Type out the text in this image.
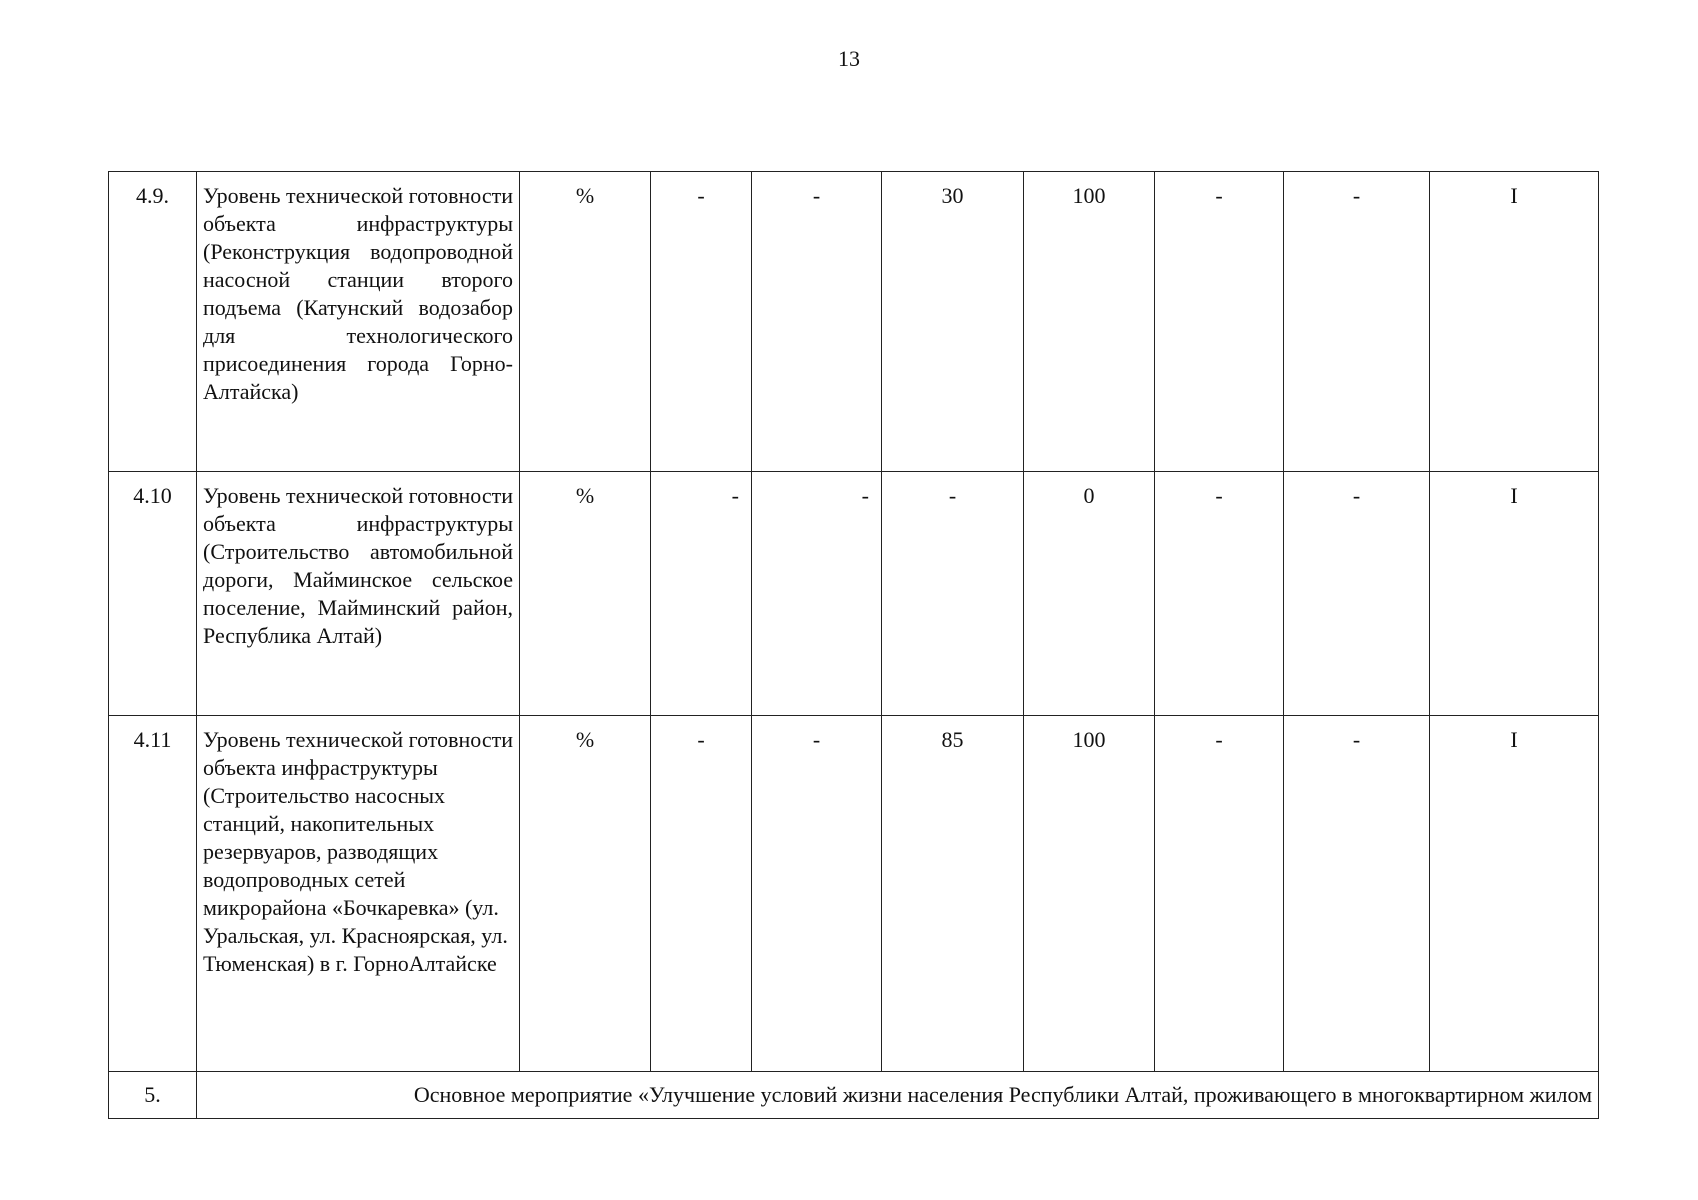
13
4.9.	Уровень технической готовности объекта инфраструктуры (Реконструкция водопроводной насосной станции второго подъема (Катунский водозабор для технологического присоединения города Горно-Алтайска)	%	-	-	30	100	-	-	I
4.10	Уровень технической готовности объекта инфраструктуры (Строительство автомобильной дороги, Майминское сельское поселение, Майминский район, Республика Алтай)	%	-	-	-	0	-	-	I
4.11	Уровень технической готовности объекта инфраструктуры (Строительство насосных станций, накопительных резервуаров, разводящих водопроводных сетей микрорайона «Бочкаревка» (ул. Уральская, ул. Красноярская, ул. Тюменская) в г. ГорноАлтайске	%	-	-	85	100	-	-	I
5.	Основное мероприятие «Улучшение условий жизни населения Республики Алтай, проживающего в многоквартирном жилом								
